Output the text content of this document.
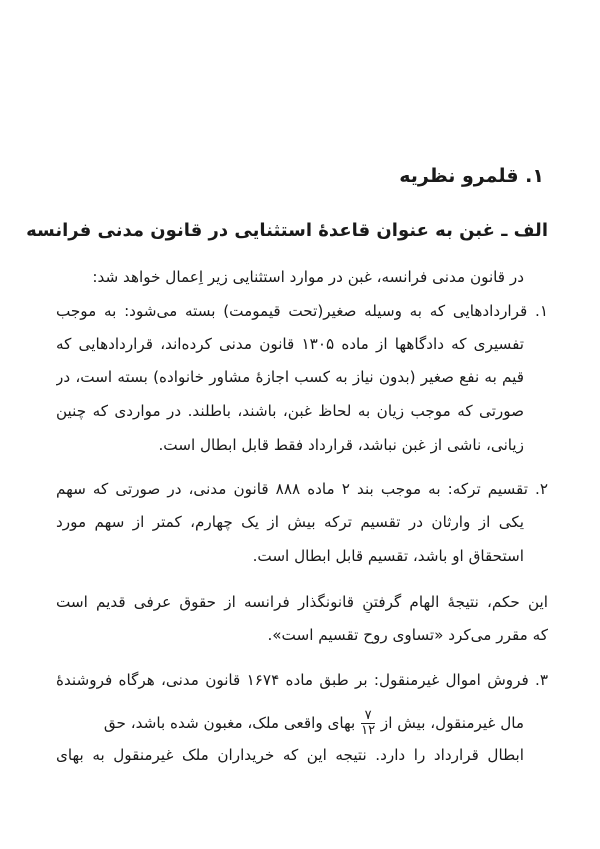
۱. قلمرو نظریه
الف ـ غبن به عنوان قاعدهٔ استثنایی در قانون مدنی فرانسه
در قانون مدنی فرانسه، غبن در موارد استثنایی زیر اِعمال خواهد شد:
۱. قراردادهایی که به وسیله صغیر(تحت قیمومت) بسته می‌شود: به موجب
تفسیری که دادگاهها از ماده ۱۳۰۵ قانون مدنی کرده‌اند، قراردادهایی که
قیم به نفع صغیر (بدون نیاز به کسب اجازهٔ مشاور خانواده) بسته است، در
صورتی که موجب زیان به لحاظ غبن، باشند، باطلند. در مواردی که چنین
زیانی، ناشی از غبن نباشد، قرارداد فقط قابل ابطال است.
۲. تقسیم ترکه: به موجب بند ۲ ماده ۸۸۸ قانون مدنی، در صورتی که سهم
یکی از وارثان در تقسیم ترکه بیش از یک چهارم، کمتر از سهم مورد
استحقاق او باشد، تقسیم قابل ابطال است.
این حکم، نتیجهٔ الهام گرفتنِ قانونگذار فرانسه از حقوق عرفی قدیم است
که مقرر می‌کرد «تساوی روح تقسیم است».
۳. فروش اموال غیرمنقول: بر طبق ماده ۱۶۷۴ قانون مدنی، هرگاه فروشندهٔ
مال غیرمنقول، بیش از
$\frac{۷}{۱۲}$
بهای واقعی ملک، مغبون شده باشد، حق
ابطال قرارداد را دارد. نتیجه این که خریداران ملک غیرمنقول به بهای
